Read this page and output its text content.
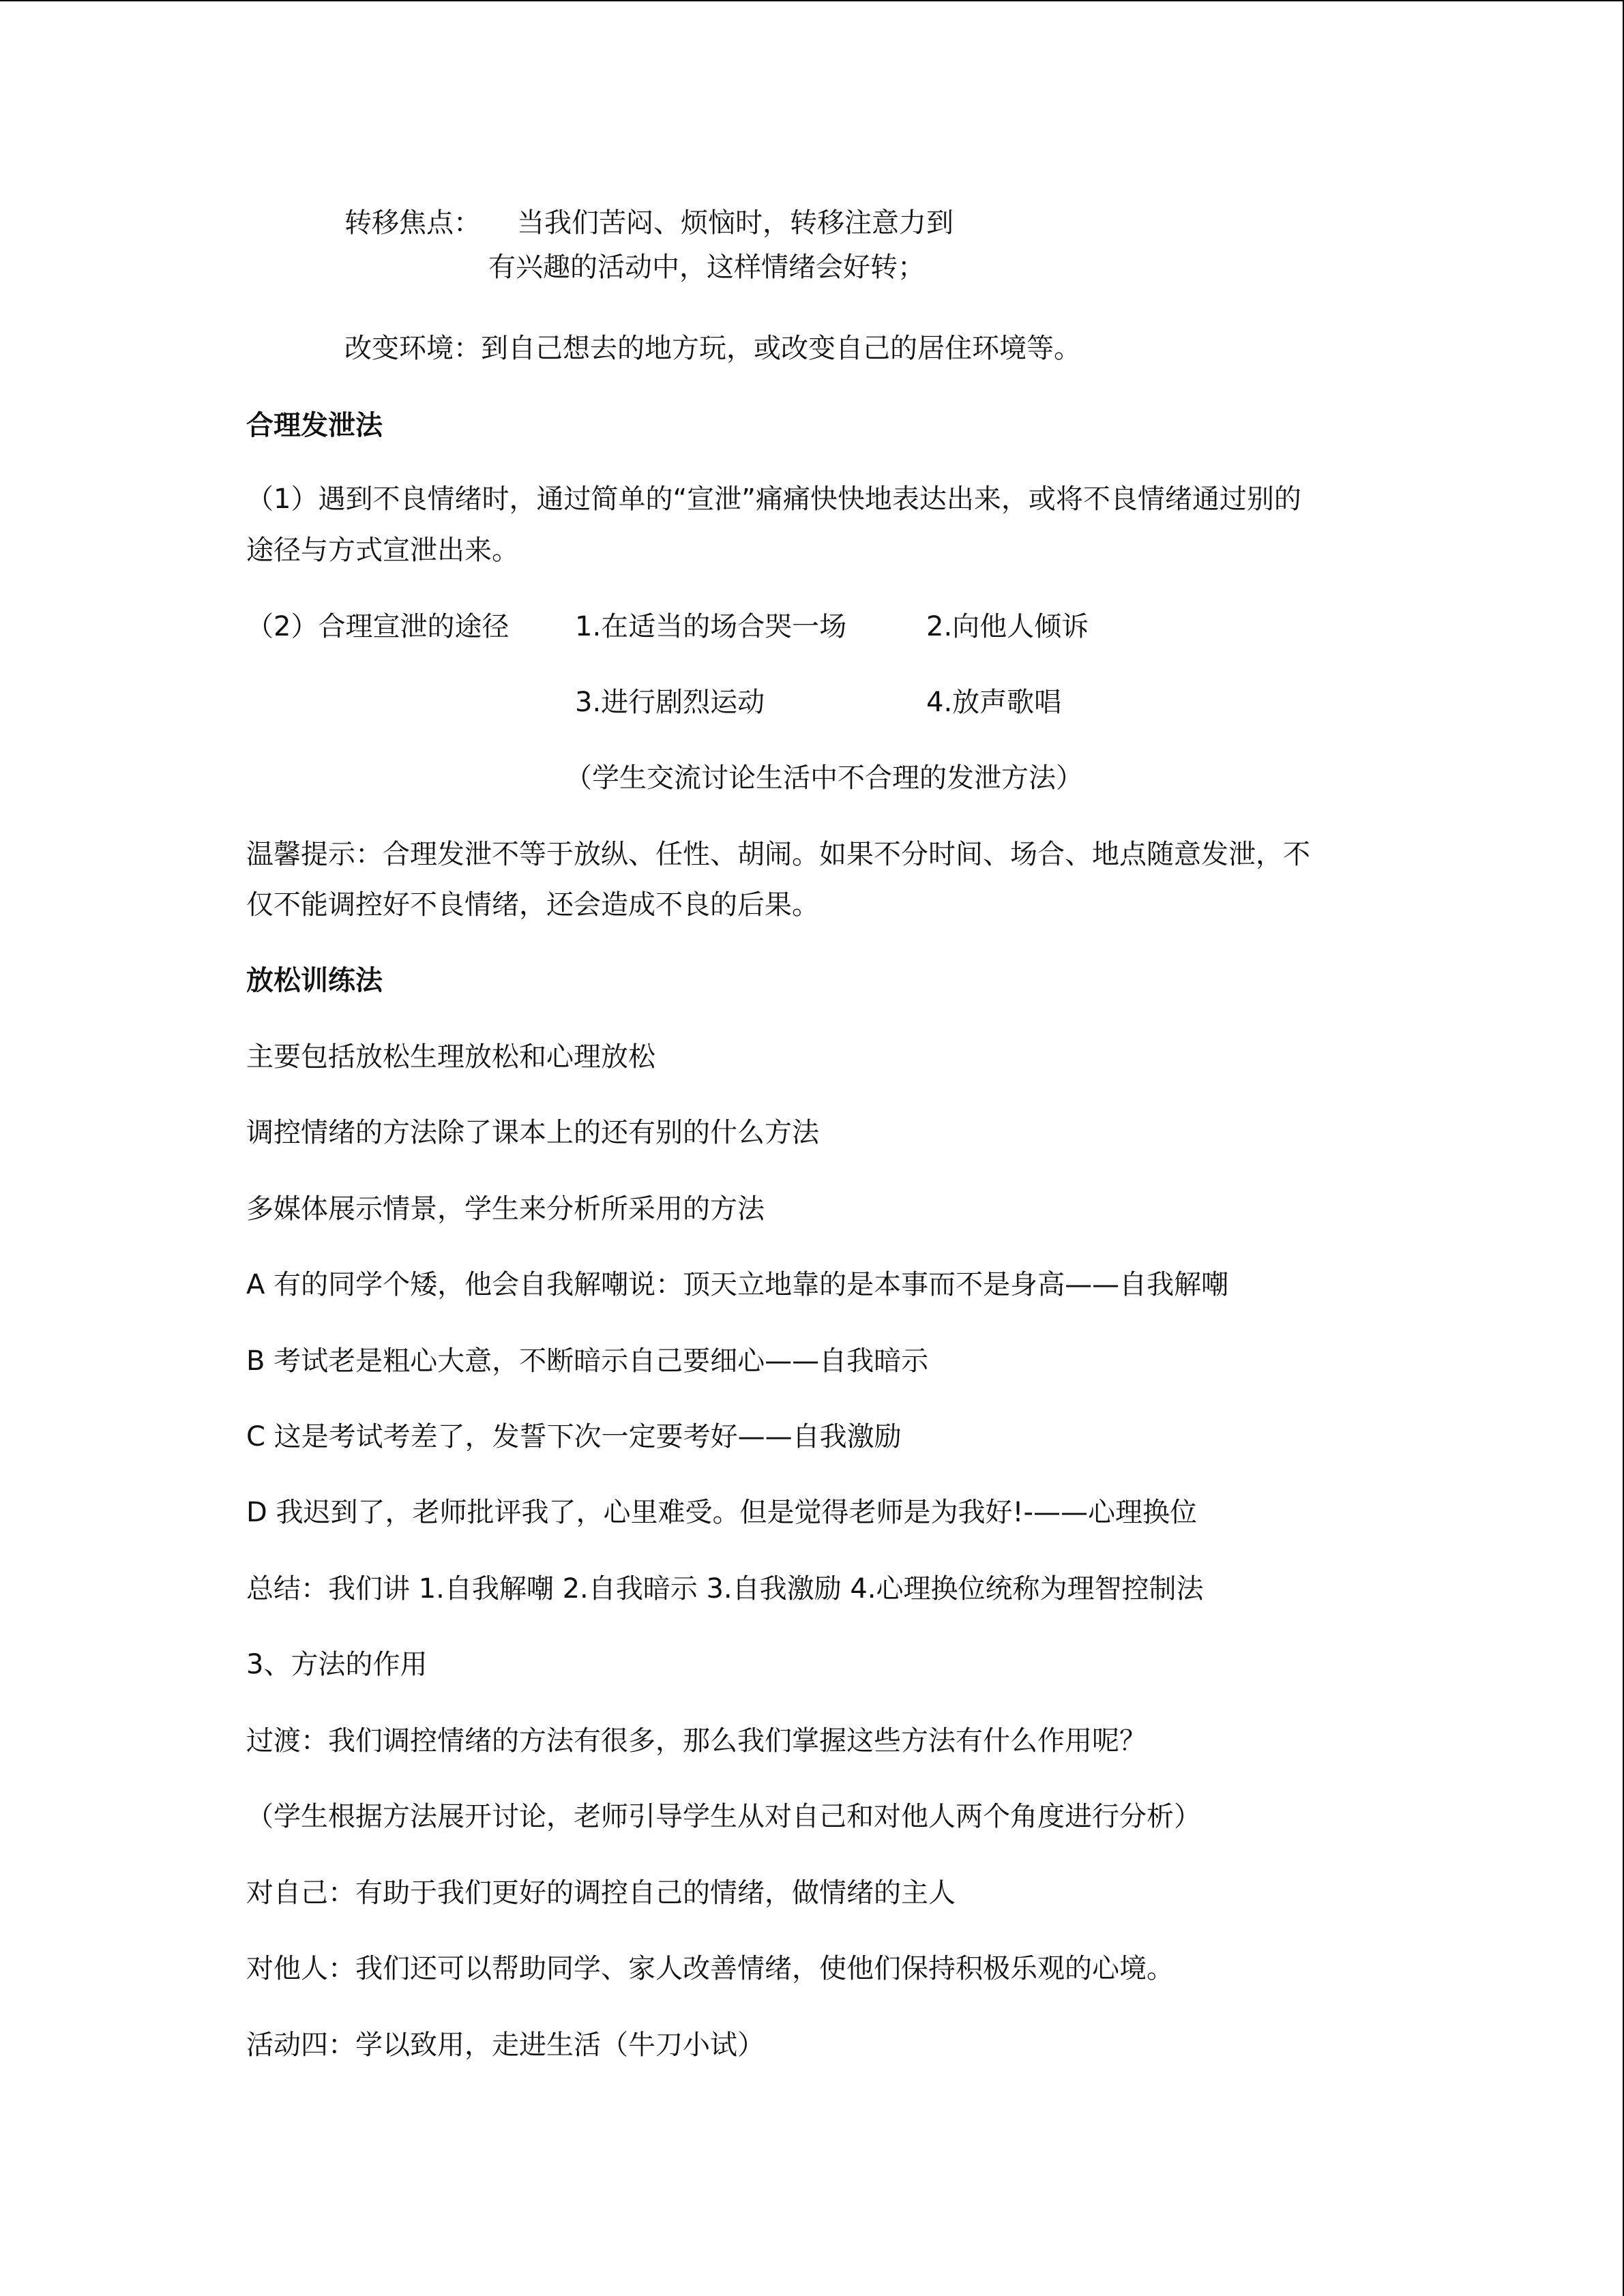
转移焦点： 当我们苦闷、烦恼时，转移注意力到
有兴趣的活动中，这样情绪会好转；
改变环境：到自己想去的地方玩，或改变自己的居住环境等。
合理发泄法
（1）遇到不良情绪时，通过简单的“宣泄”痛痛快快地表达出来，或将不良情绪通过别的
途径与方式宣泄出来。
（2）合理宣泄的途径 1.在适当的场合哭一场	2.向他人倾诉
3.进行剧烈运动	4.放声歌唱
（学生交流讨论生活中不合理的发泄方法）
温馨提示：合理发泄不等于放纵、任性、胡闹。如果不分时间、场合、地点随意发泄，不
仅不能调控好不良情绪，还会造成不良的后果。
放松训练法
主要包括放松生理放松和心理放松
调控情绪的方法除了课本上的还有别的什么方法
多媒体展示情景，学生来分析所采用的方法
A 有的同学个矮，他会自我解嘲说：顶天立地靠的是本事而不是身高——自我解嘲
B 考试老是粗心大意，不断暗示自己要细心——自我暗示
C 这是考试考差了，发誓下次一定要考好——自我激励
D 我迟到了，老师批评我了，心里难受。但是觉得老师是为我好!-——心理换位
总结：我们讲 1.自我解嘲 2.自我暗示 3.自我激励 4.心理换位统称为理智控制法
3、方法的作用
过渡：我们调控情绪的方法有很多，那么我们掌握这些方法有什么作用呢？
（学生根据方法展开讨论，老师引导学生从对自己和对他人两个角度进行分析）
对自己：有助于我们更好的调控自己的情绪，做情绪的主人
对他人：我们还可以帮助同学、家人改善情绪，使他们保持积极乐观的心境。
活动四：学以致用，走进生活（牛刀小试）
